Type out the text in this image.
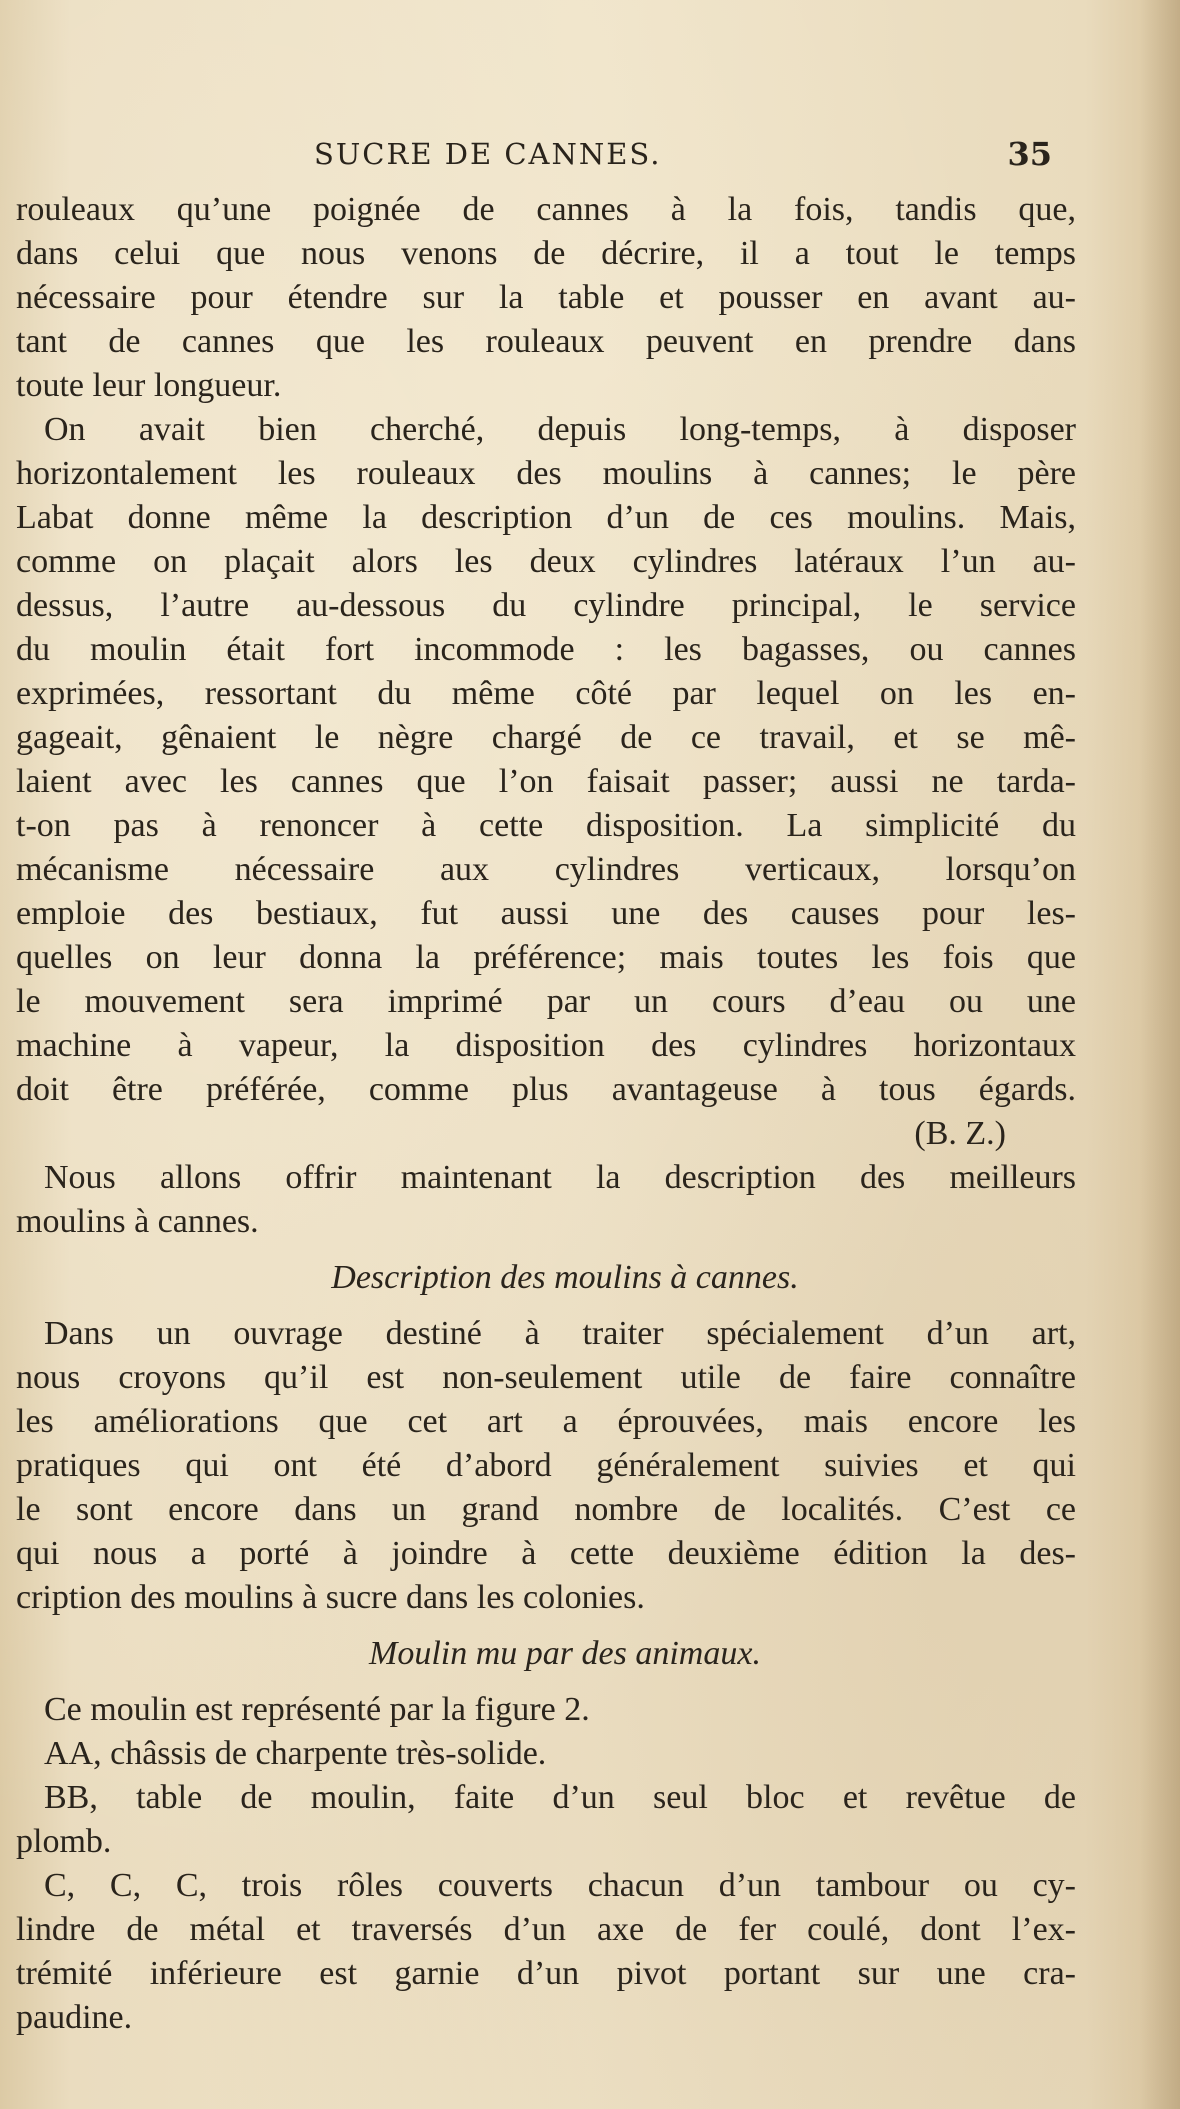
SUCRE DE CANNES.	35
rouleaux qu’une poignée de cannes à la fois, tandis que,
dans celui que nous venons de décrire, il a tout le temps
nécessaire pour étendre sur la table et pousser en avant au-
tant de cannes que les rouleaux peuvent en prendre dans
toute leur longueur.
On avait bien cherché, depuis long-temps, à disposer
horizontalement les rouleaux des moulins à cannes; le père
Labat donne même la description d’un de ces moulins. Mais,
comme on plaçait alors les deux cylindres latéraux l’un au-
dessus, l’autre au-dessous du cylindre principal, le service
du moulin était fort incommode : les bagasses, ou cannes
exprimées, ressortant du même côté par lequel on les en-
gageait, gênaient le nègre chargé de ce travail, et se mê-
laient avec les cannes que l’on faisait passer; aussi ne tarda-
t-on pas à renoncer à cette disposition. La simplicité du
mécanisme nécessaire aux cylindres verticaux, lorsqu’on
emploie des bestiaux, fut aussi une des causes pour les-
quelles on leur donna la préférence; mais toutes les fois que
le mouvement sera imprimé par un cours d’eau ou une
machine à vapeur, la disposition des cylindres horizontaux
doit être préférée, comme plus avantageuse à tous égards.
(B. Z.)
Nous allons offrir maintenant la description des meilleurs
moulins à cannes.
Description des moulins à cannes.
Dans un ouvrage destiné à traiter spécialement d’un art,
nous croyons qu’il est non-seulement utile de faire connaître
les améliorations que cet art a éprouvées, mais encore les
pratiques qui ont été d’abord généralement suivies et qui
le sont encore dans un grand nombre de localités. C’est ce
qui nous a porté à joindre à cette deuxième édition la des-
cription des moulins à sucre dans les colonies.
Moulin mu par des animaux.
Ce moulin est représenté par la figure 2.
AA, châssis de charpente très-solide.
BB, table de moulin, faite d’un seul bloc et revêtue de
plomb.
C, C, C, trois rôles couverts chacun d’un tambour ou cy-
lindre de métal et traversés d’un axe de fer coulé, dont l’ex-
trémité inférieure est garnie d’un pivot portant sur une cra-
paudine.
